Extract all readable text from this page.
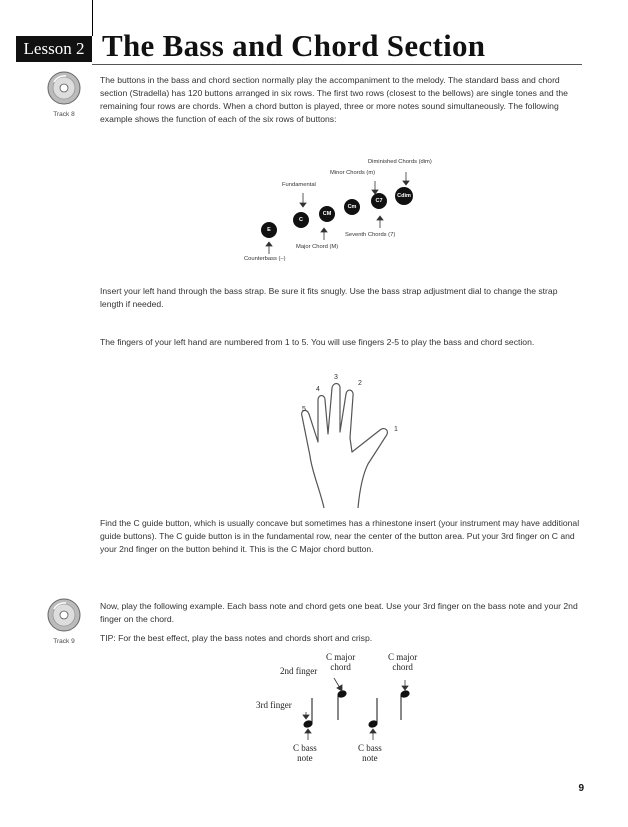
Lesson 2 The Bass and Chord Section
Track 8
The buttons in the bass and chord section normally play the accompaniment to the melody. The standard bass and chord section (Stradella) has 120 buttons arranged in six rows. The first two rows (closest to the bellows) are single tones and the remaining four rows are chords. When a chord button is played, three or more notes sound simultaneously. The following example shows the function of each of the six rows of buttons:
E
C
CM
Cm
C7
Cdim
Diminished Chords (dim)
Minor Chords (m)
Fundamental
Seventh Chords (7)
Major Chord (M)
Counterbass (–)
Insert your left hand through the bass strap. Be sure it fits snugly. Use the bass strap adjustment dial to change the strap length if needed.
The fingers of your left hand are numbered from 1 to 5. You will use fingers 2-5 to play the bass and chord section.
1
2
3
4
5
Find the C guide button, which is usually concave but sometimes has a rhinestone insert (your instrument may have additional guide buttons). The C guide button is in the fundamental row, near the center of the button area. Put your 3rd finger on C and your 2nd finger on the button behind it. This is the C Major chord button.
Track 9
Now, play the following example. Each bass note and chord gets one beat. Use your 3rd finger on the bass note and your 2nd finger on the chord.
TIP: For the best effect, play the bass notes and chords short and crisp.
2nd finger
3rd finger
C major
chord
C major
chord
C bass
note
C bass
note
9
